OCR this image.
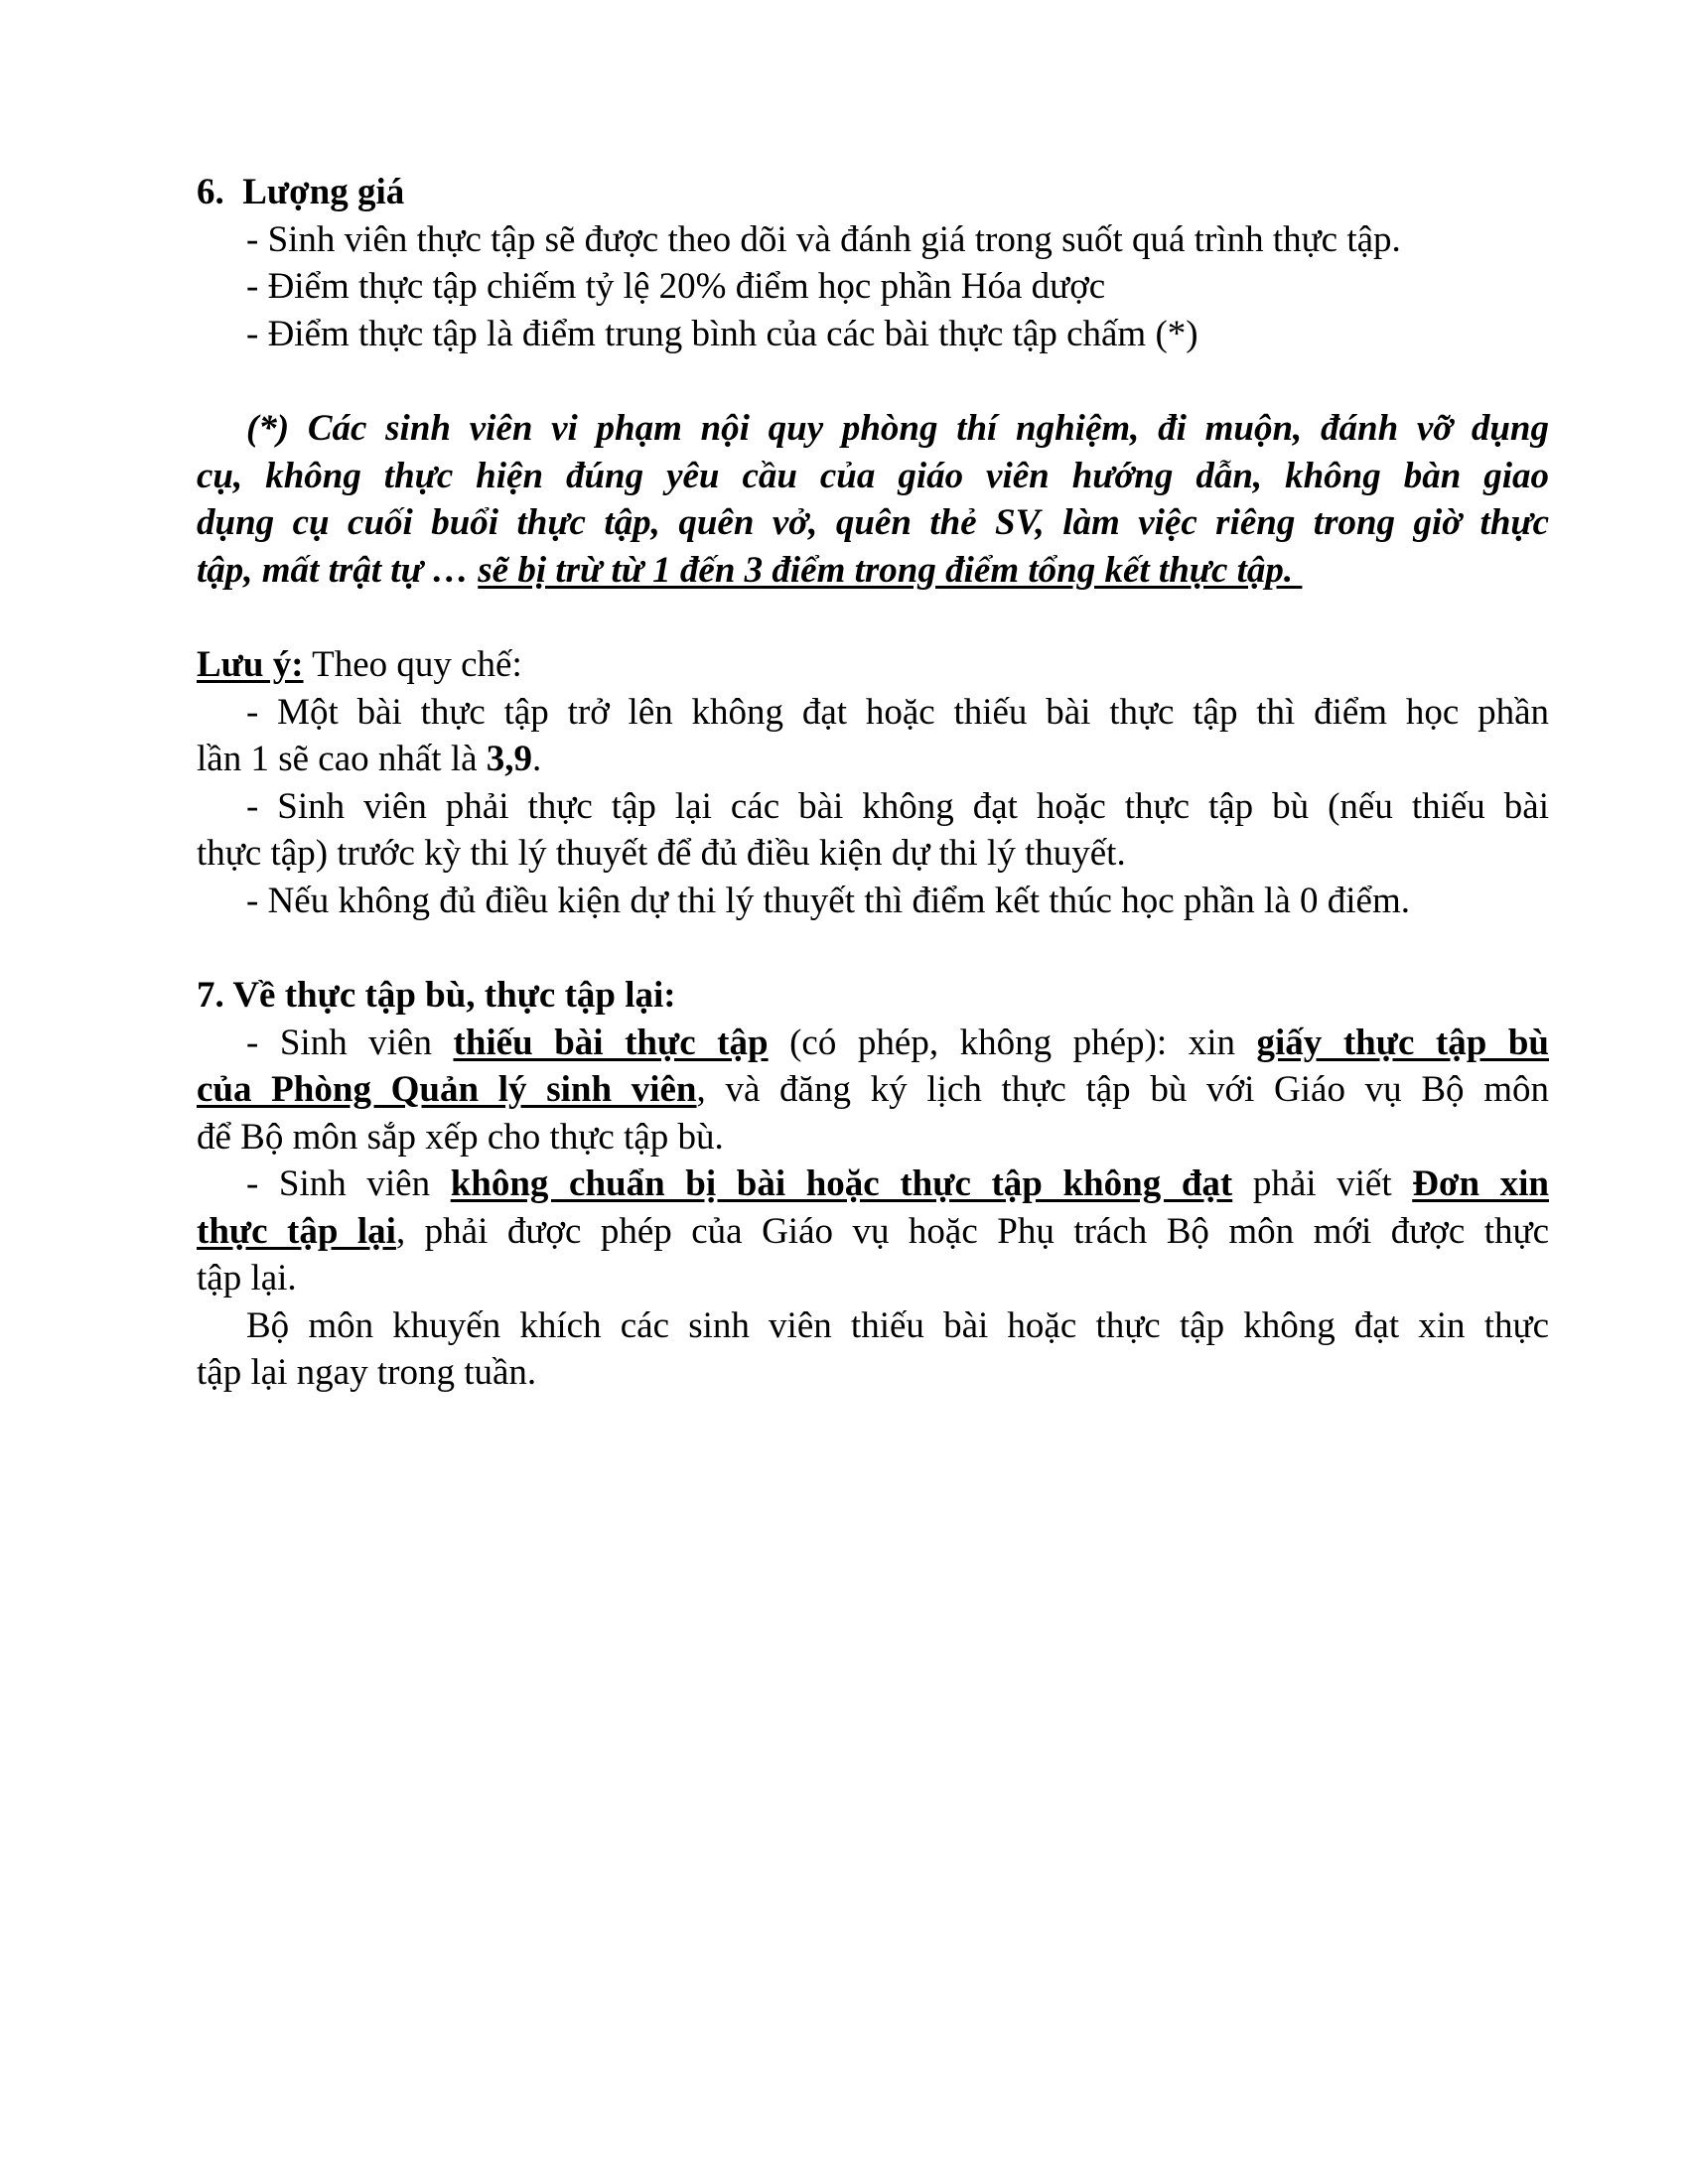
6.  Lượng giá
- Sinh viên thực tập sẽ được theo dõi và đánh giá trong suốt quá trình thực tập.
- Điểm thực tập chiếm tỷ lệ 20% điểm học phần Hóa dược
- Điểm thực tập là điểm trung bình của các bài thực tập chấm (*)
(*) Các sinh viên vi phạm nội quy phòng thí nghiệm, đi muộn, đánh vỡ dụng
cụ, không thực hiện đúng yêu cầu của giáo viên hướng dẫn, không bàn giao
dụng cụ cuối buổi thực tập, quên vở, quên thẻ SV, làm việc riêng trong giờ thực
tập, mất trật tự … sẽ bị trừ từ 1 đến 3 điểm trong điểm tổng kết thực tập.
Lưu ý: Theo quy chế:
- Một bài thực tập trở lên không đạt hoặc thiếu bài thực tập thì điểm học phần
lần 1 sẽ cao nhất là 3,9.
- Sinh viên phải thực tập lại các bài không đạt hoặc thực tập bù (nếu thiếu bài
thực tập) trước kỳ thi lý thuyết để đủ điều kiện dự thi lý thuyết.
- Nếu không đủ điều kiện dự thi lý thuyết thì điểm kết thúc học phần là 0 điểm.
7. Về thực tập bù, thực tập lại:
- Sinh viên thiếu bài thực tập (có phép, không phép): xin giấy thực tập bù
của Phòng Quản lý sinh viên, và đăng ký lịch thực tập bù với Giáo vụ Bộ môn
để Bộ môn sắp xếp cho thực tập bù.
- Sinh viên không chuẩn bị bài hoặc thực tập không đạt phải viết Đơn xin
thực tập lại, phải được phép của Giáo vụ hoặc Phụ trách Bộ môn mới được thực
tập lại.
Bộ môn khuyến khích các sinh viên thiếu bài hoặc thực tập không đạt xin thực
tập lại ngay trong tuần.
